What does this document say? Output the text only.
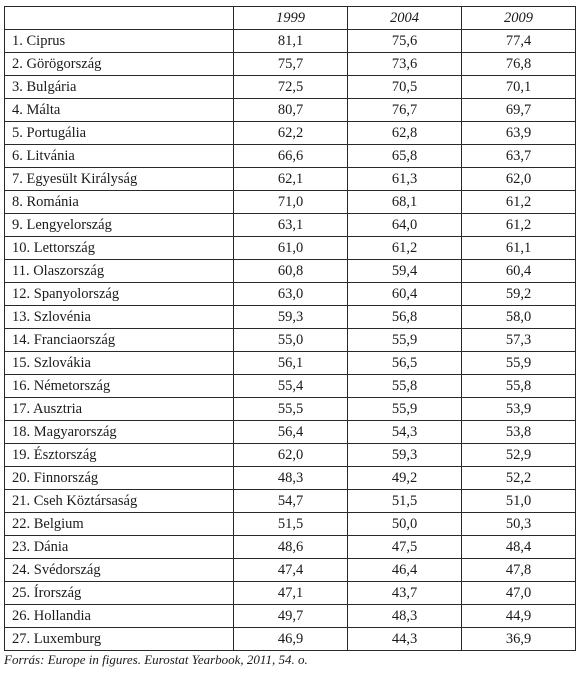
	1999	2004	2009
1. Ciprus	81,1	75,6	77,4
2. Görögország	75,7	73,6	76,8
3. Bulgária	72,5	70,5	70,1
4. Málta	80,7	76,7	69,7
5. Portugália	62,2	62,8	63,9
6. Litvánia	66,6	65,8	63,7
7. Egyesült Királyság	62,1	61,3	62,0
8. Románia	71,0	68,1	61,2
9. Lengyelország	63,1	64,0	61,2
10. Lettország	61,0	61,2	61,1
11. Olaszország	60,8	59,4	60,4
12. Spanyolország	63,0	60,4	59,2
13. Szlovénia	59,3	56,8	58,0
14. Franciaország	55,0	55,9	57,3
15. Szlovákia	56,1	56,5	55,9
16. Németország	55,4	55,8	55,8
17. Ausztria	55,5	55,9	53,9
18. Magyarország	56,4	54,3	53,8
19. Észtország	62,0	59,3	52,9
20. Finnország	48,3	49,2	52,2
21. Cseh Köztársaság	54,7	51,5	51,0
22. Belgium	51,5	50,0	50,3
23. Dánia	48,6	47,5	48,4
24. Svédország	47,4	46,4	47,8
25. Írország	47,1	43,7	47,0
26. Hollandia	49,7	48,3	44,9
27. Luxemburg	46,9	44,3	36,9
Forrás: Europe in figures. Eurostat Yearbook, 2011, 54. o.
